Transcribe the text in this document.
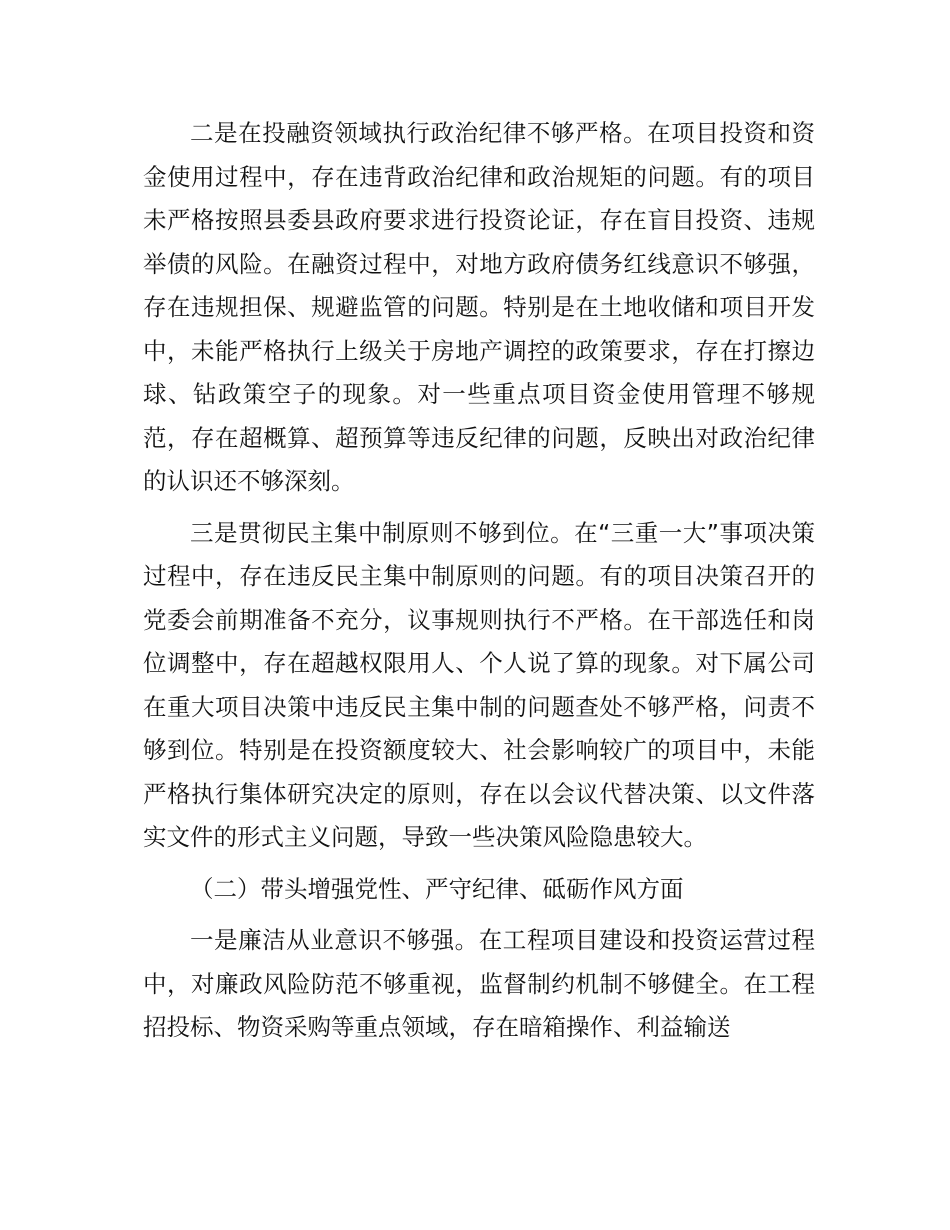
二是在投融资领域执行政治纪律不够严格。在项目投资和资金使用过程中，存在违背政治纪律和政治规矩的问题。有的项目未严格按照县委县政府要求进行投资论证，存在盲目投资、违规举债的风险。在融资过程中，对地方政府债务红线意识不够强，存在违规担保、规避监管的问题。特别是在土地收储和项目开发中，未能严格执行上级关于房地产调控的政策要求，存在打擦边球、钻政策空子的现象。对一些重点项目资金使用管理不够规范，存在超概算、超预算等违反纪律的问题，反映出对政治纪律的认识还不够深刻。

三是贯彻民主集中制原则不够到位。在“三重一大”事项决策过程中，存在违反民主集中制原则的问题。有的项目决策召开的党委会前期准备不充分，议事规则执行不严格。在干部选任和岗位调整中，存在超越权限用人、个人说了算的现象。对下属公司在重大项目决策中违反民主集中制的问题查处不够严格，问责不够到位。特别是在投资额度较大、社会影响较广的项目中，未能严格执行集体研究决定的原则，存在以会议代替决策、以文件落实文件的形式主义问题，导致一些决策风险隐患较大。

（二）带头增强党性、严守纪律、砥砺作风方面

一是廉洁从业意识不够强。在工程项目建设和投资运营过程中，对廉政风险防范不够重视，监督制约机制不够健全。在工程招投标、物资采购等重点领域，存在暗箱操作、利益输送
